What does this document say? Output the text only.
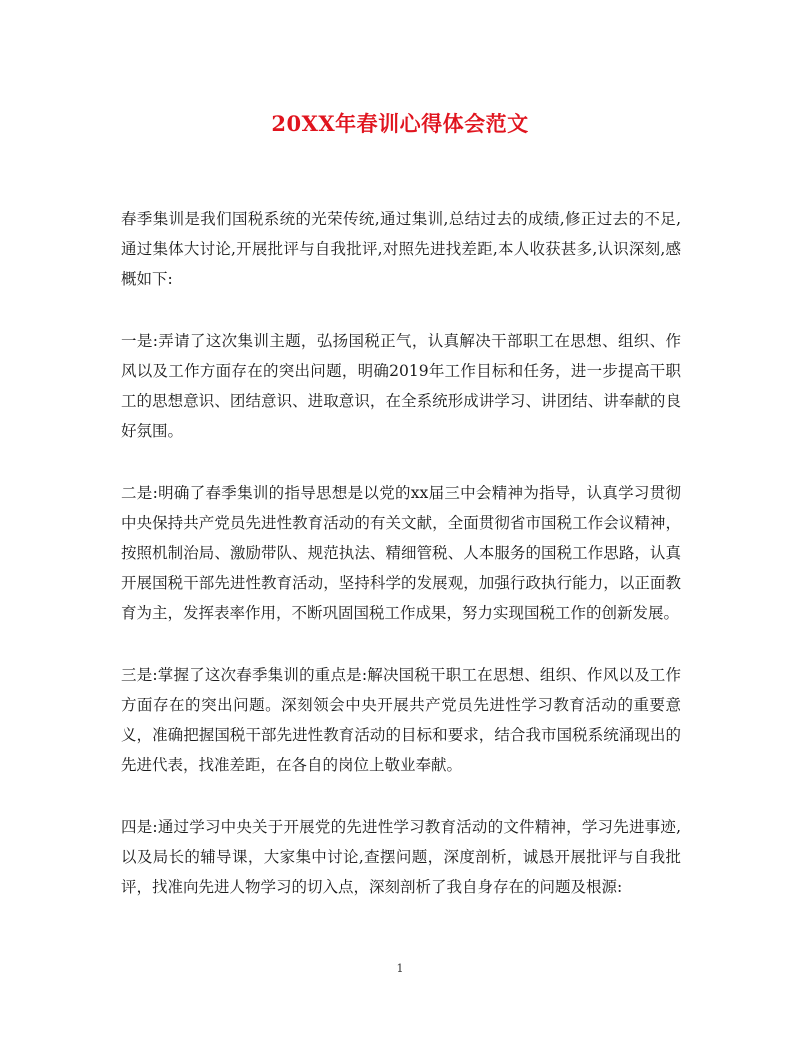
20XX年春训心得体会范文

春季集训是我们国税系统的光荣传统,通过集训,总结过去的成绩,修正过去的不足,通过集体大讨论,开展批评与自我批评,对照先进找差距,本人收获甚多,认识深刻,感概如下:

一是:弄请了这次集训主题，弘扬国税正气，认真解决干部职工在思想、组织、作风以及工作方面存在的突出问题，明确2019年工作目标和任务，进一步提高干职工的思想意识、团结意识、进取意识，在全系统形成讲学习、讲团结、讲奉献的良好氛围。

二是:明确了春季集训的指导思想是以党的xx届三中会精神为指导，认真学习贯彻中央保持共产党员先进性教育活动的有关文献，全面贯彻省市国税工作会议精神，按照机制治局、激励带队、规范执法、精细管税、人本服务的国税工作思路，认真开展国税干部先进性教育活动，坚持科学的发展观，加强行政执行能力，以正面教育为主，发挥表率作用，不断巩固国税工作成果，努力实现国税工作的创新发展。

三是:掌握了这次春季集训的重点是:解决国税干职工在思想、组织、作风以及工作方面存在的突出问题。深刻领会中央开展共产党员先进性学习教育活动的重要意义，准确把握国税干部先进性教育活动的目标和要求，结合我市国税系统涌现出的先进代表，找准差距，在各自的岗位上敬业奉献。

四是:通过学习中央关于开展党的先进性学习教育活动的文件精神，学习先进事迹,以及局长的辅导课，大家集中讨论,查摆问题，深度剖析，诚恳开展批评与自我批评，找准向先进人物学习的切入点，深刻剖析了我自身存在的问题及根源:

1
